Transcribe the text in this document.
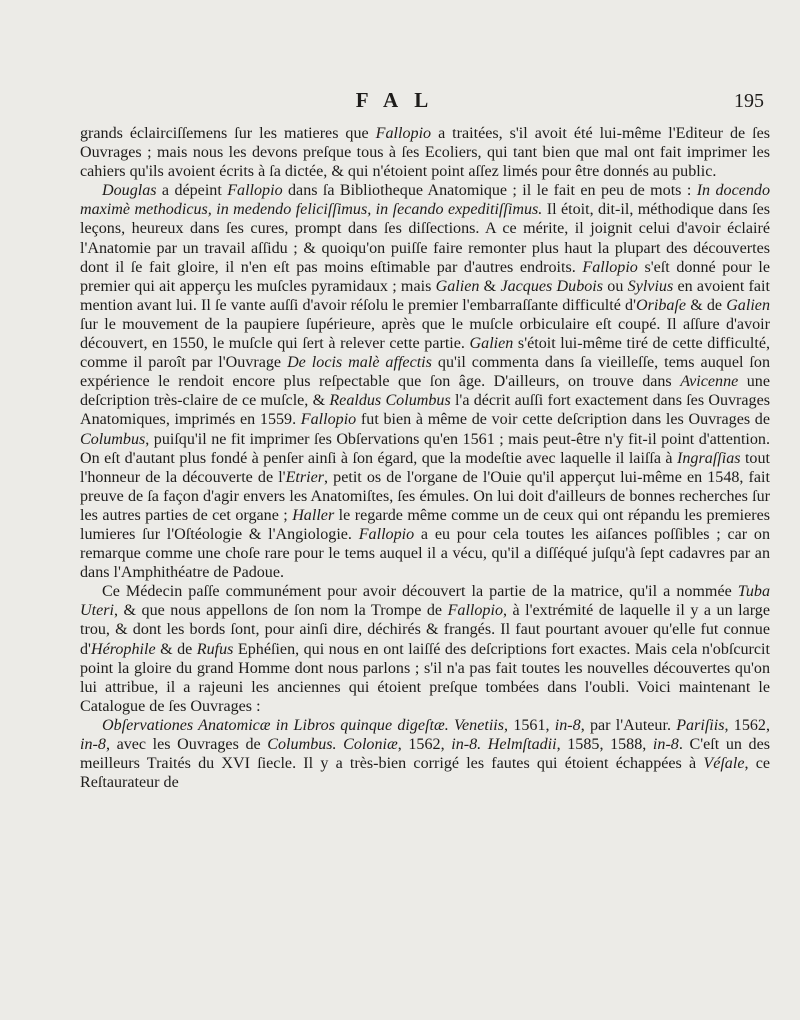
FAL	195

grands éclairciſſemens ſur les matieres que Fallopio a traitées, s'il avoit été lui-même l'Editeur de ſes Ouvrages ; mais nous les devons preſque tous à ſes Ecoliers, qui tant bien que mal ont fait imprimer les cahiers qu'ils avoient écrits à ſa dictée, & qui n'étoient point aſſez limés pour être donnés au public.

Douglas a dépeint Fallopio dans ſa Bibliotheque Anatomique ; il le fait en peu de mots : In docendo maximè methodicus, in medendo feliciſſimus, in ſecando expeditiſſimus. Il étoit, dit-il, méthodique dans ſes leçons, heureux dans ſes cures, prompt dans ſes diſſections. A ce mérite, il joignit celui d'avoir éclairé l'Anatomie par un travail aſſidu ; & quoiqu'on puiſſe faire remonter plus haut la plupart des découvertes dont il ſe fait gloire, il n'en eſt pas moins eſtimable par d'autres endroits. Fallopio s'eſt donné pour le premier qui ait apperçu les muſcles pyramidaux ; mais Galien & Jacques Dubois ou Sylvius en avoient fait mention avant lui. Il ſe vante auſſi d'avoir réſolu le premier l'embarraſſante difficulté d'Oribaſe & de Galien ſur le mouvement de la paupiere ſupérieure, après que le muſcle orbiculaire eſt coupé. Il aſſure d'avoir découvert, en 1550, le muſcle qui ſert à relever cette partie. Galien s'étoit lui-même tiré de cette difficulté, comme il paroît par l'Ouvrage De locis malè affectis qu'il commenta dans ſa vieilleſſe, tems auquel ſon expérience le rendoit encore plus reſpectable que ſon âge. D'ailleurs, on trouve dans Avicenne une deſcription très-claire de ce muſcle, & Realdus Columbus l'a décrit auſſi fort exactement dans ſes Ouvrages Anatomiques, imprimés en 1559. Fallopio fut bien à même de voir cette deſcription dans les Ouvrages de Columbus, puiſqu'il ne fit imprimer ſes Obſervations qu'en 1561 ; mais peut-être n'y fit-il point d'attention. On eſt d'autant plus fondé à penſer ainſi à ſon égard, que la modeſtie avec laquelle il laiſſa à Ingraſſias tout l'honneur de la découverte de l'Etrier, petit os de l'organe de l'Ouie qu'il apperçut lui-même en 1548, fait preuve de ſa façon d'agir envers les Anatomiſtes, ſes émules. On lui doit d'ailleurs de bonnes recherches ſur les autres parties de cet organe ; Haller le regarde même comme un de ceux qui ont répandu les premieres lumieres ſur l'Oſtéologie & l'Angiologie. Fallopio a eu pour cela toutes les aiſances poſſibles ; car on remarque comme une choſe rare pour le tems auquel il a vécu, qu'il a diſſéqué juſqu'à ſept cadavres par an dans l'Amphithéatre de Padoue.

Ce Médecin paſſe communément pour avoir découvert la partie de la matrice, qu'il a nommée Tuba Uteri, & que nous appellons de ſon nom la Trompe de Fallopio, à l'extrémité de laquelle il y a un large trou, & dont les bords ſont, pour ainſi dire, déchirés & frangés. Il faut pourtant avouer qu'elle fut connue d'Hérophile & de Rufus Ephéſien, qui nous en ont laiſſé des deſcriptions fort exactes. Mais cela n'obſcurcit point la gloire du grand Homme dont nous parlons ; s'il n'a pas fait toutes les nouvelles découvertes qu'on lui attribue, il a rajeuni les anciennes qui étoient preſque tombées dans l'oubli. Voici maintenant le Catalogue de ſes Ouvrages :

Obſervationes Anatomicæ in Libros quinque digeſtæ. Venetiis, 1561, in-8, par l'Auteur. Pariſiis, 1562, in-8, avec les Ouvrages de Columbus. Coloniæ, 1562, in-8. Helmſtadii, 1585, 1588, in-8. C'eſt un des meilleurs Traités du XVI ſiecle. Il y a très-bien corrigé les fautes qui étoient échappées à Véſale, ce Reſtaurateur de
